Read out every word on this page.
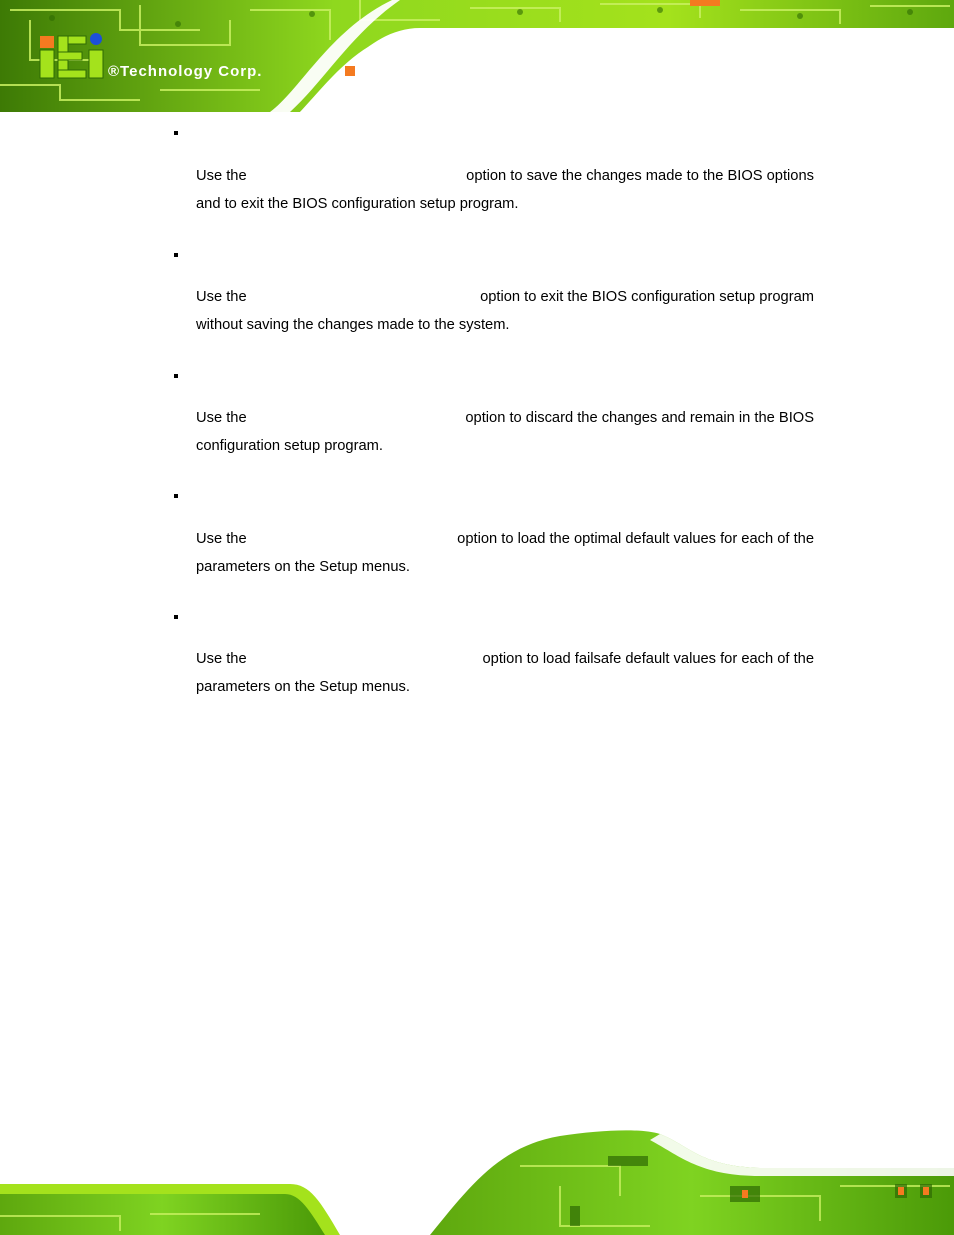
®Technology Corp.
Use the	option to save the changes made to the BIOS options
and to exit the BIOS configuration setup program.
Use the	option to exit the BIOS configuration setup program
without saving the changes made to the system.
Use the	option to discard the changes and remain in the BIOS
configuration setup program.
Use the	option to load the optimal default values for each of the
parameters on the Setup menus.
Use the	option to load failsafe default values for each of the
parameters on the Setup menus.
